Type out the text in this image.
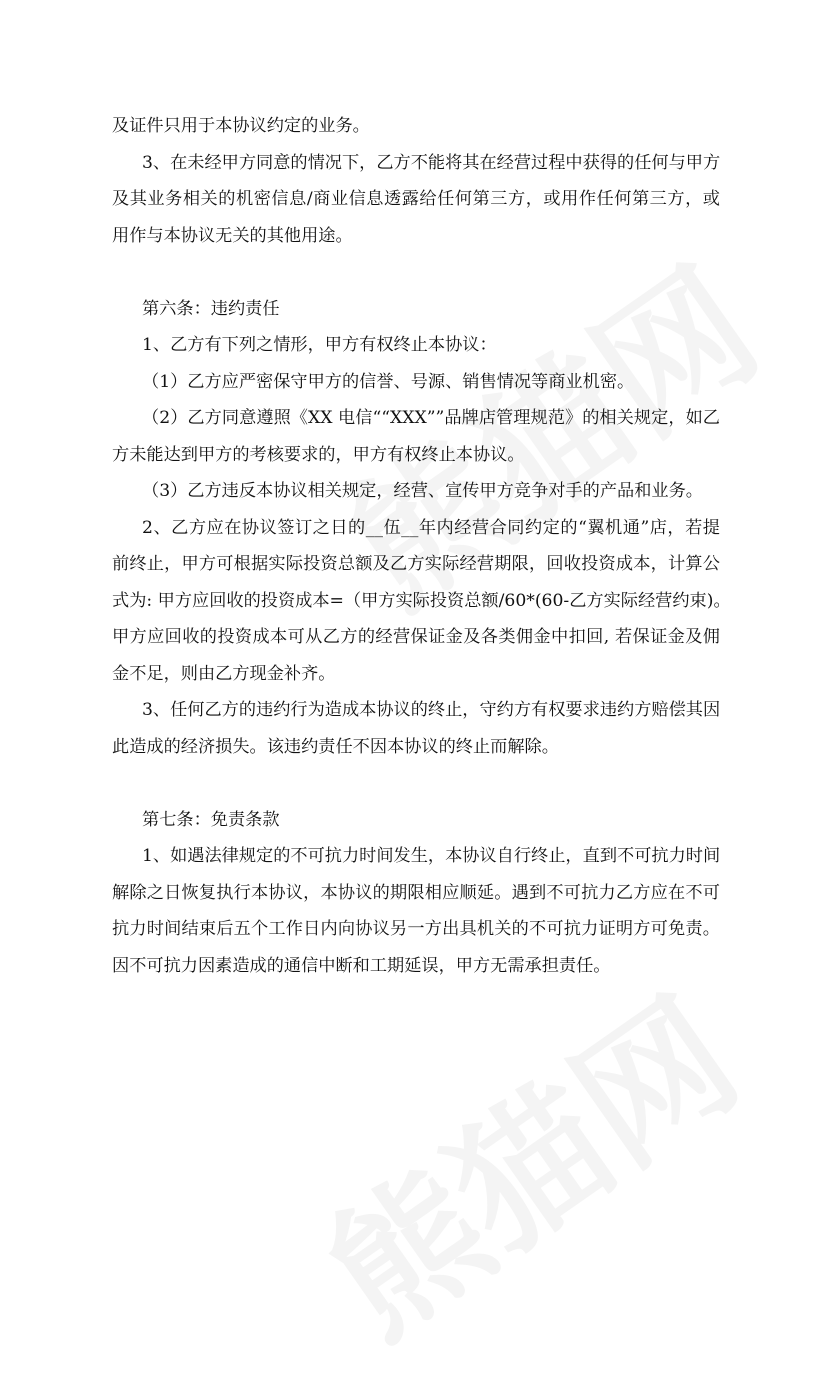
及证件只用于本协议约定的业务。
3、在未经甲方同意的情况下，乙方不能将其在经营过程中获得的任何与甲方
及其业务相关的机密信息/商业信息透露给任何第三方，或用作任何第三方，或
用作与本协议无关的其他用途。
第六条：违约责任
1、乙方有下列之情形，甲方有权终止本协议：
（1）乙方应严密保守甲方的信誉、号源、销售情况等商业机密。
（2）乙方同意遵照《XX 电信““XXX””品牌店管理规范》的相关规定，如乙
方未能达到甲方的考核要求的，甲方有权终止本协议。
（3）乙方违反本协议相关规定，经营、宣传甲方竞争对手的产品和业务。
2、乙方应在协议签订之日的__伍__年内经营合同约定的“翼机通”店，若提
前终止，甲方可根据实际投资总额及乙方实际经营期限，回收投资成本，计算公
式为: 甲方应回收的投资成本=（甲方实际投资总额/60*(60-乙方实际经营约束)。
甲方应回收的投资成本可从乙方的经营保证金及各类佣金中扣回, 若保证金及佣
金不足，则由乙方现金补齐。
3、任何乙方的违约行为造成本协议的终止，守约方有权要求违约方赔偿其因
此造成的经济损失。该违约责任不因本协议的终止而解除。
第七条：免责条款
1、如遇法律规定的不可抗力时间发生，本协议自行终止，直到不可抗力时间
解除之日恢复执行本协议，本协议的期限相应顺延。遇到不可抗力乙方应在不可
抗力时间结束后五个工作日内向协议另一方出具机关的不可抗力证明方可免责。
因不可抗力因素造成的通信中断和工期延误，甲方无需承担责任。
